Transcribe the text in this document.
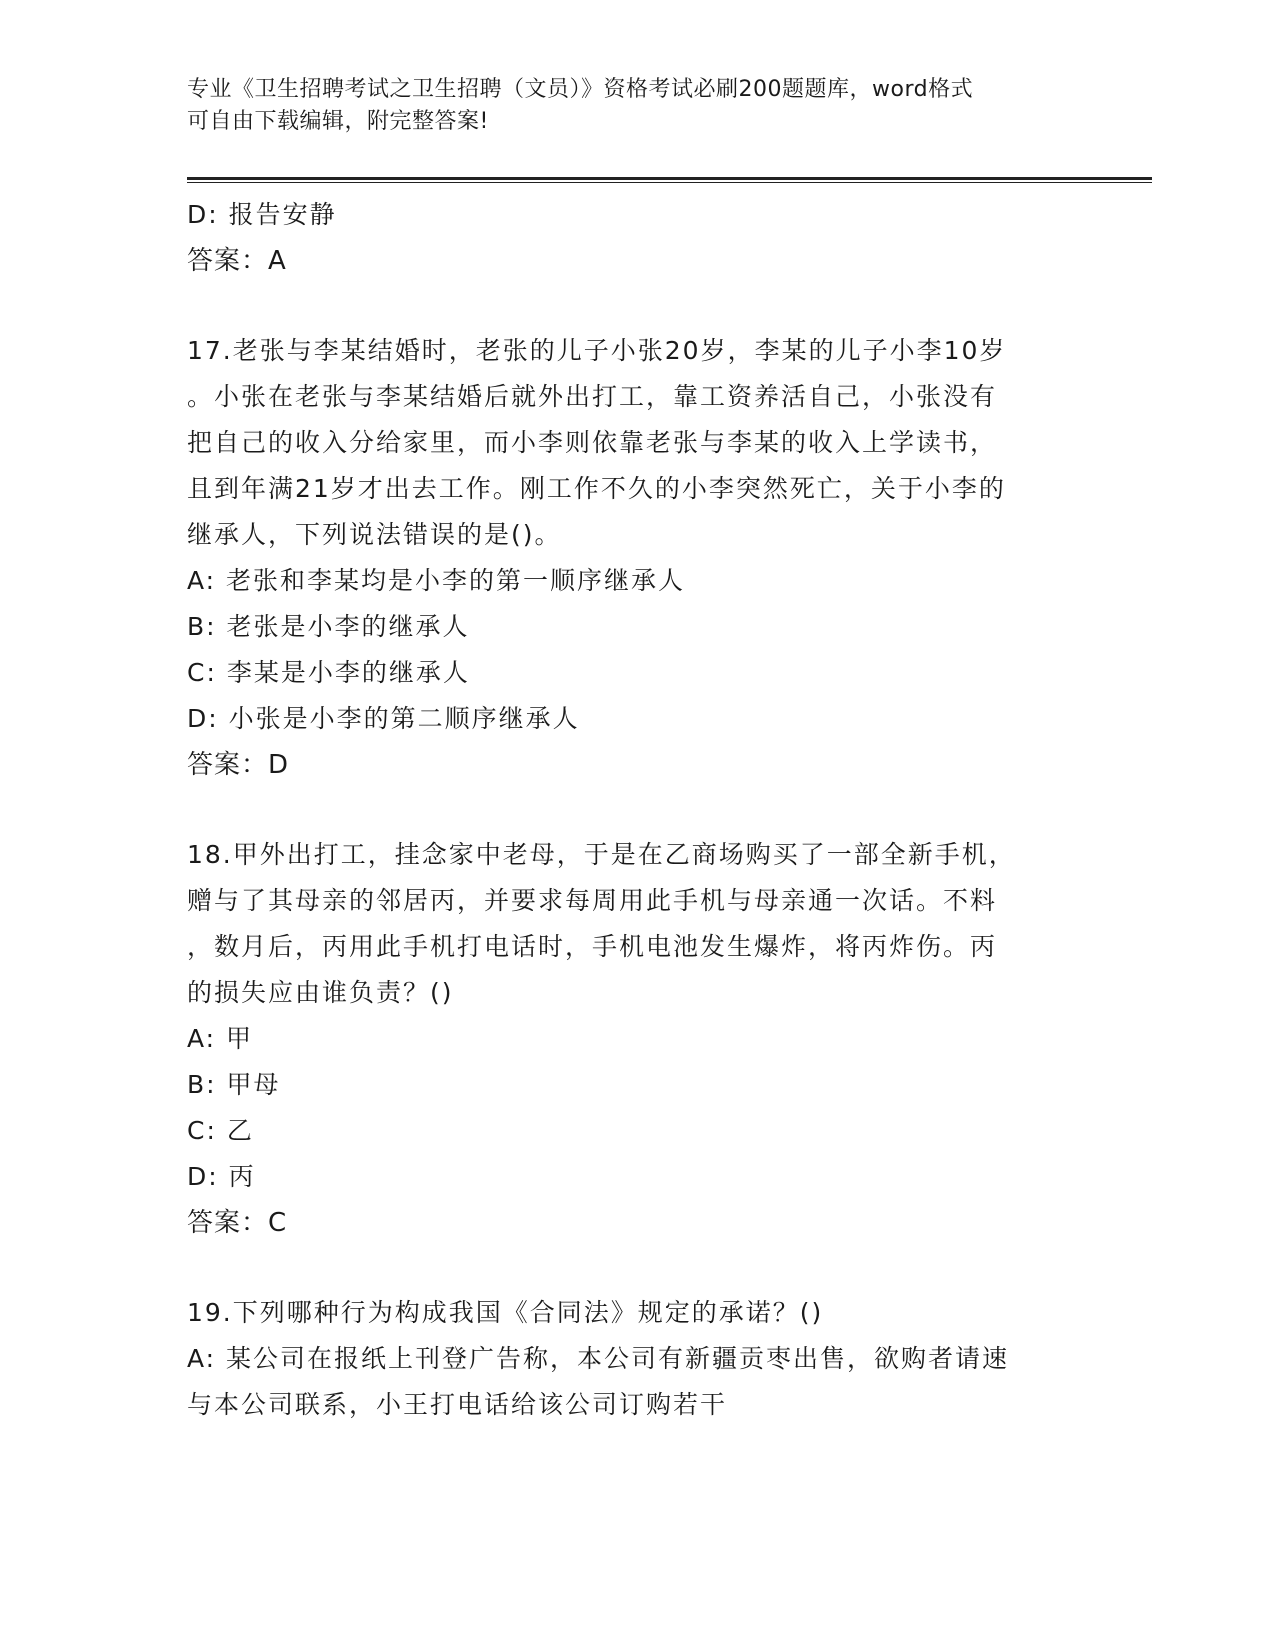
专业《卫生招聘考试之卫生招聘（文员）》资格考试必刷200题题库，word格式
可自由下载编辑，附完整答案!
D: 报告安静
答案：A
17.老张与李某结婚时，老张的儿子小张20岁，李某的儿子小李10岁
。小张在老张与李某结婚后就外出打工，靠工资养活自己，小张没有
把自己的收入分给家里，而小李则依靠老张与李某的收入上学读书，
且到年满21岁才出去工作。刚工作不久的小李突然死亡，关于小李的
继承人，下列说法错误的是()。
A: 老张和李某均是小李的第一顺序继承人
B: 老张是小李的继承人
C: 李某是小李的继承人
D: 小张是小李的第二顺序继承人
答案：D
18.甲外出打工，挂念家中老母，于是在乙商场购买了一部全新手机，
赠与了其母亲的邻居丙，并要求每周用此手机与母亲通一次话。不料
，数月后，丙用此手机打电话时，手机电池发生爆炸，将丙炸伤。丙
的损失应由谁负责？()
A: 甲
B: 甲母
C: 乙
D: 丙
答案：C
19.下列哪种行为构成我国《合同法》规定的承诺？()
A: 某公司在报纸上刊登广告称，本公司有新疆贡枣出售，欲购者请速
与本公司联系，小王打电话给该公司订购若干
